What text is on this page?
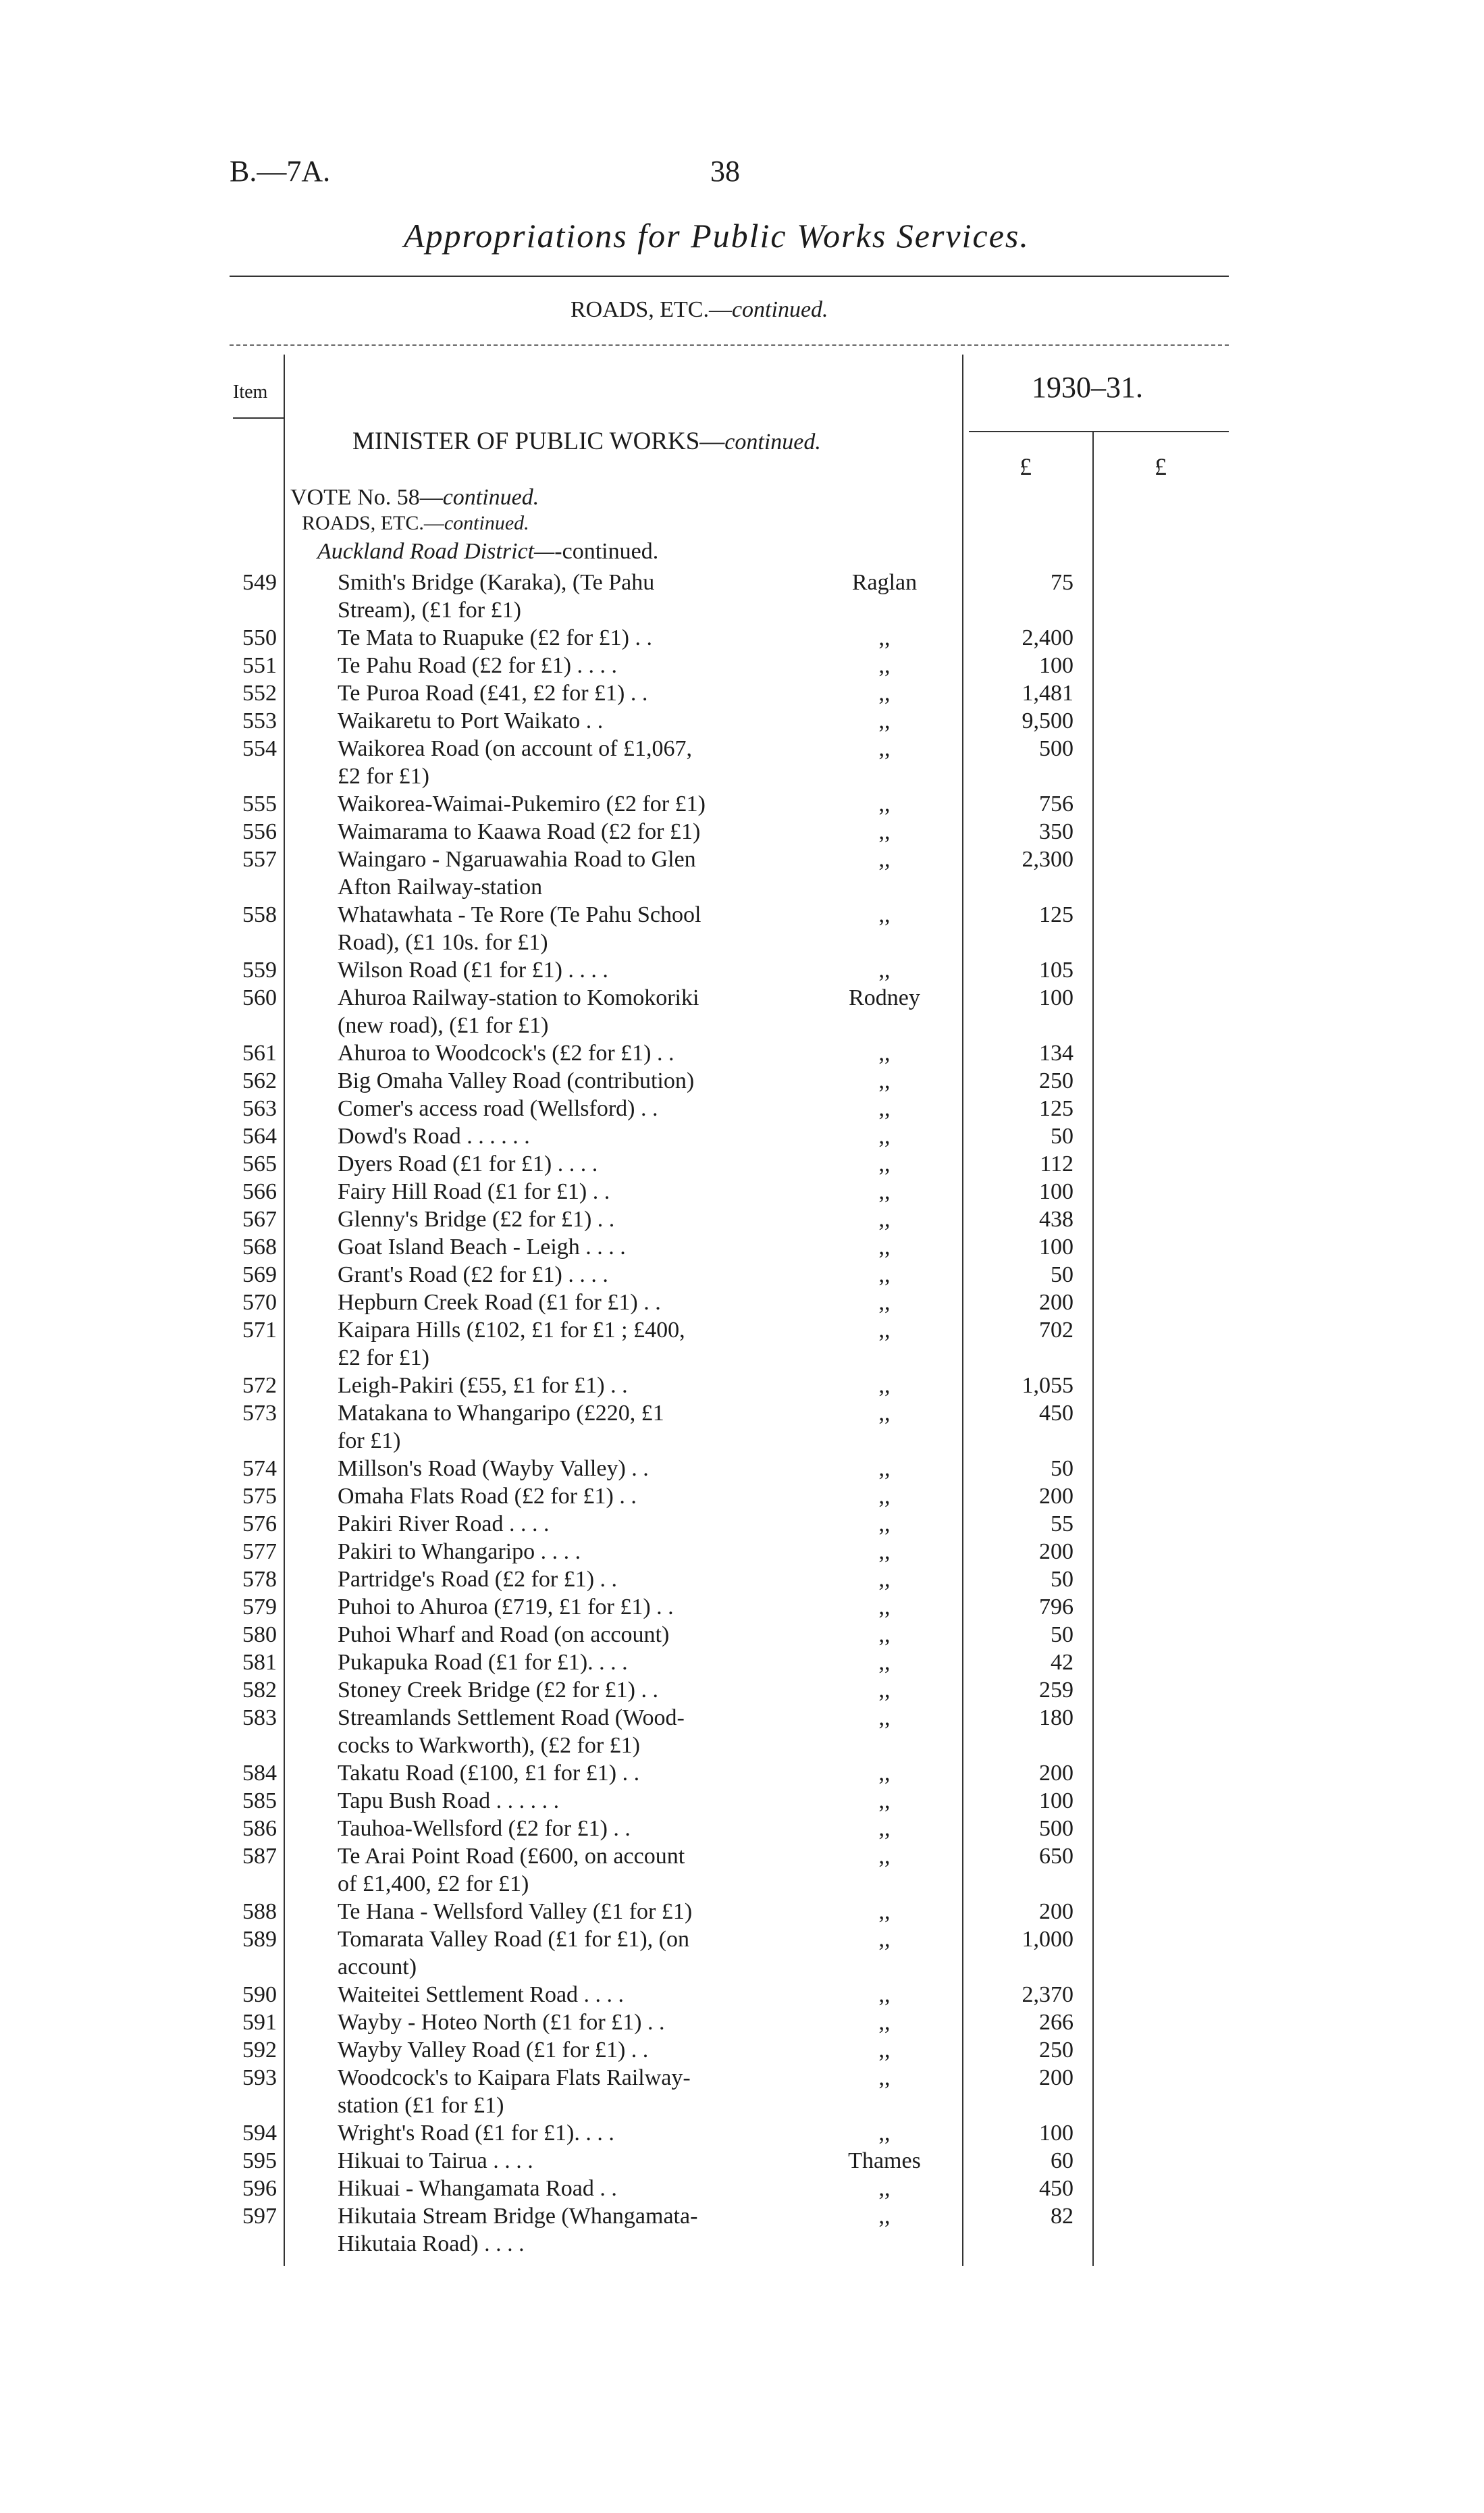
B.—7A.	38
Appropriations for Public Works Services.
ROADS, ETC.—continued.
Item	1930–31.
£	£
MINISTER OF PUBLIC WORKS—continued.
VOTE No. 58—continued.
ROADS, ETC.—continued.
Auckland Road District—-continued.
549	Smith's Bridge (Karaka), (Te Pahu
Stream), (£1 for £1)
Raglan	75
550	Te Mata to Ruapuke (£2 for £1) . .	,,	2,400
551	Te Pahu Road (£2 for £1) . . . .	,,	100
552	Te Puroa Road (£41, £2 for £1) . .	,,	1,481
553	Waikaretu to Port Waikato . .	,,	9,500
554	Waikorea Road (on account of £1,067,
£2 for £1)
,,	500
555	Waikorea-Waimai-Pukemiro (£2 for £1)	,,	756
556	Waimarama to Kaawa Road (£2 for £1)	,,	350
557	Waingaro - Ngaruawahia Road to Glen
Afton Railway-station
,,	2,300
558	Whatawhata - Te Rore (Te Pahu School
Road), (£1 10s. for £1)
,,	125
559	Wilson Road (£1 for £1) . . . .	,,	105
560	Ahuroa Railway-station to Komokoriki
(new road), (£1 for £1)
Rodney	100
561	Ahuroa to Woodcock's (£2 for £1) . .	,,	134
562	Big Omaha Valley Road (contribution)	,,	250
563	Comer's access road (Wellsford) . .	,,	125
564	Dowd's Road . . . . . .	,,	50
565	Dyers Road (£1 for £1) . . . .	,,	112
566	Fairy Hill Road (£1 for £1) . .	,,	100
567	Glenny's Bridge (£2 for £1) . .	,,	438
568	Goat Island Beach - Leigh . . . .	,,	100
569	Grant's Road (£2 for £1) . . . .	,,	50
570	Hepburn Creek Road (£1 for £1) . .	,,	200
571	Kaipara Hills (£102, £1 for £1 ; £400,
£2 for £1)
,,	702
572	Leigh-Pakiri (£55, £1 for £1) . .	,,	1,055
573	Matakana to Whangaripo (£220, £1
for £1)
,,	450
574	Millson's Road (Wayby Valley) . .	,,	50
575	Omaha Flats Road (£2 for £1) . .	,,	200
576	Pakiri River Road . . . .	,,	55
577	Pakiri to Whangaripo . . . .	,,	200
578	Partridge's Road (£2 for £1) . .	,,	50
579	Puhoi to Ahuroa (£719, £1 for £1) . .	,,	796
580	Puhoi Wharf and Road (on account)	,,	50
581	Pukapuka Road (£1 for £1). . . .	,,	42
582	Stoney Creek Bridge (£2 for £1) . .	,,	259
583	Streamlands Settlement Road (Wood-
cocks to Warkworth), (£2 for £1)
,,	180
584	Takatu Road (£100, £1 for £1) . .	,,	200
585	Tapu Bush Road . . . . . .	,,	100
586	Tauhoa-Wellsford (£2 for £1) . .	,,	500
587	Te Arai Point Road (£600, on account
of £1,400, £2 for £1)
,,	650
588	Te Hana - Wellsford Valley (£1 for £1)	,,	200
589	Tomarata Valley Road (£1 for £1), (on
account)
,,	1,000
590	Waiteitei Settlement Road . . . .	,,	2,370
591	Wayby - Hoteo North (£1 for £1) . .	,,	266
592	Wayby Valley Road (£1 for £1) . .	,,	250
593	Woodcock's to Kaipara Flats Railway-
station (£1 for £1)
,,	200
594	Wright's Road (£1 for £1). . . .	,,	100
595	Hikuai to Tairua . . . .	Thames	60
596	Hikuai - Whangamata Road . .	,,	450
597	Hikutaia Stream Bridge (Whangamata-
Hikutaia Road) . . . .
,,	82
